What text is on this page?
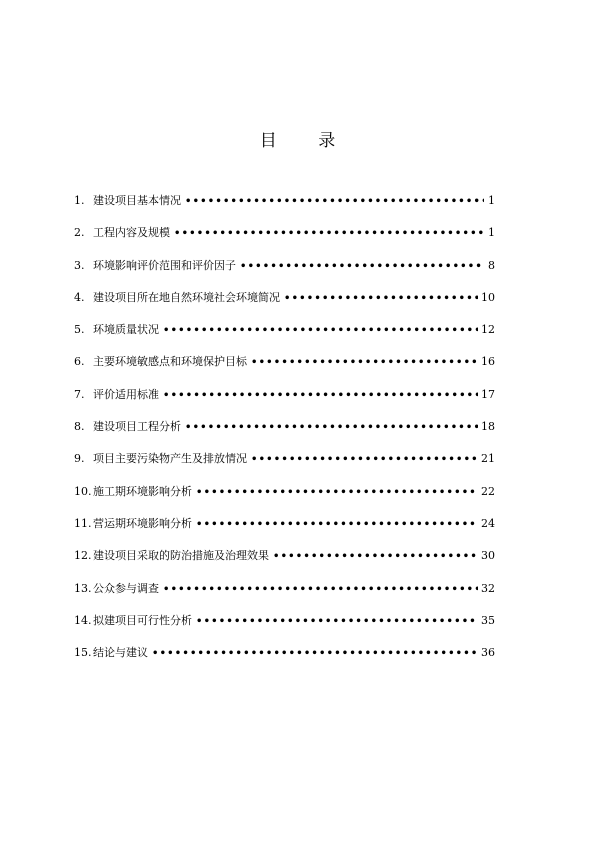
目 录
1. 建设项目基本情况 •••••	1
2. 工程内容及规模 •••••	1
3. 环境影响评价范围和评价因子 •••••	8
4. 建设项目所在地自然环境社会环境简况 •••••	10
5. 环境质量状况 •••••	12
6. 主要环境敏感点和环境保护目标 •••••	16
7. 评价适用标准 •••••	17
8. 建设项目工程分析 •••••	18
9. 项目主要污染物产生及排放情况 •••••	21
10. 施工期环境影响分析 •••••	22
11. 营运期环境影响分析 •••••	24
12. 建设项目采取的防治措施及治理效果 •••••	30
13. 公众参与调查 •••••	32
14. 拟建项目可行性分析 •••••	35
15. 结论与建议 •••••	36
